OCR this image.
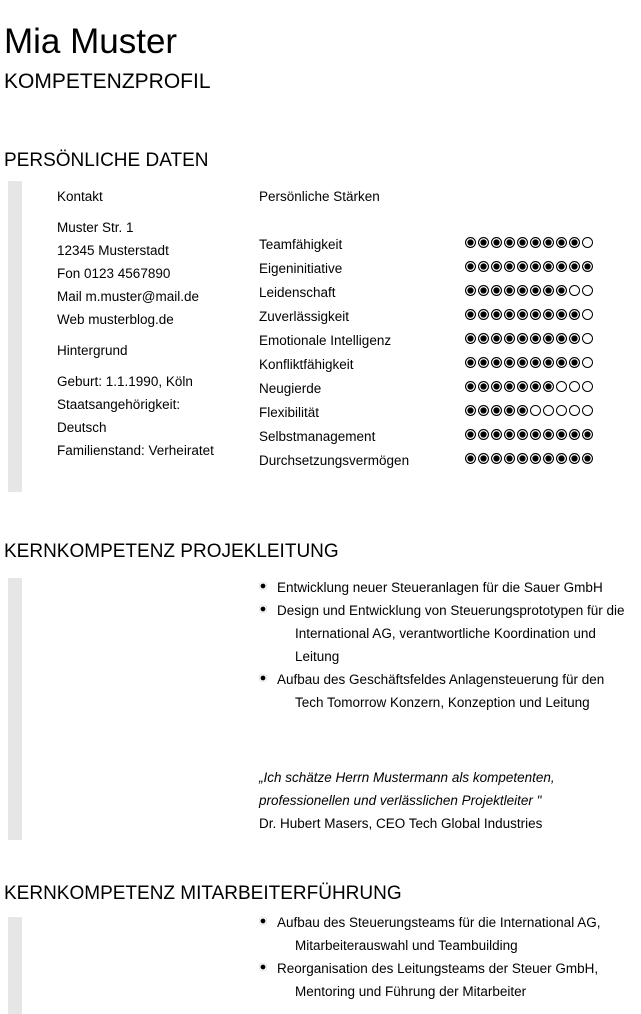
Mia Muster
KOMPETENZPROFIL
PERSÖNLICHE DATEN
Kontakt
Muster Str. 1
12345 Musterstadt
Fon 0123 4567890
Mail m.muster@mail.de
Web musterblog.de
Hintergrund
Geburt: 1.1.1990, Köln
Staatsangehörigkeit:
Deutsch
Familienstand: Verheiratet
Persönliche Stärken
Teamfähigkeit
Eigeninitiative
Leidenschaft
Zuverlässigkeit
Emotionale Intelligenz
Konfliktfähigkeit
Neugierde
Flexibilität
Selbstmanagement
Durchsetzungsvermögen
KERNKOMPETENZ PROJEKLEITUNG
Entwicklung neuer Steueranlagen für die Sauer GmbH
Design und Entwicklung von Steuerungsprototypen für die
International AG, verantwortliche Koordination und Leitung
Aufbau des Geschäftsfeldes Anlagensteuerung für den
Tech Tomorrow Konzern, Konzeption und Leitung
„Ich schätze Herrn Mustermann als kompetenten,
professionellen und verlässlichen Projektleiter "
Dr. Hubert Masers, CEO Tech Global Industries
KERNKOMPETENZ MITARBEITERFÜHRUNG
Aufbau des Steuerungsteams für die International AG,
Mitarbeiterauswahl und Teambuilding
Reorganisation des Leitungsteams der Steuer GmbH,
Mentoring und Führung der Mitarbeiter
